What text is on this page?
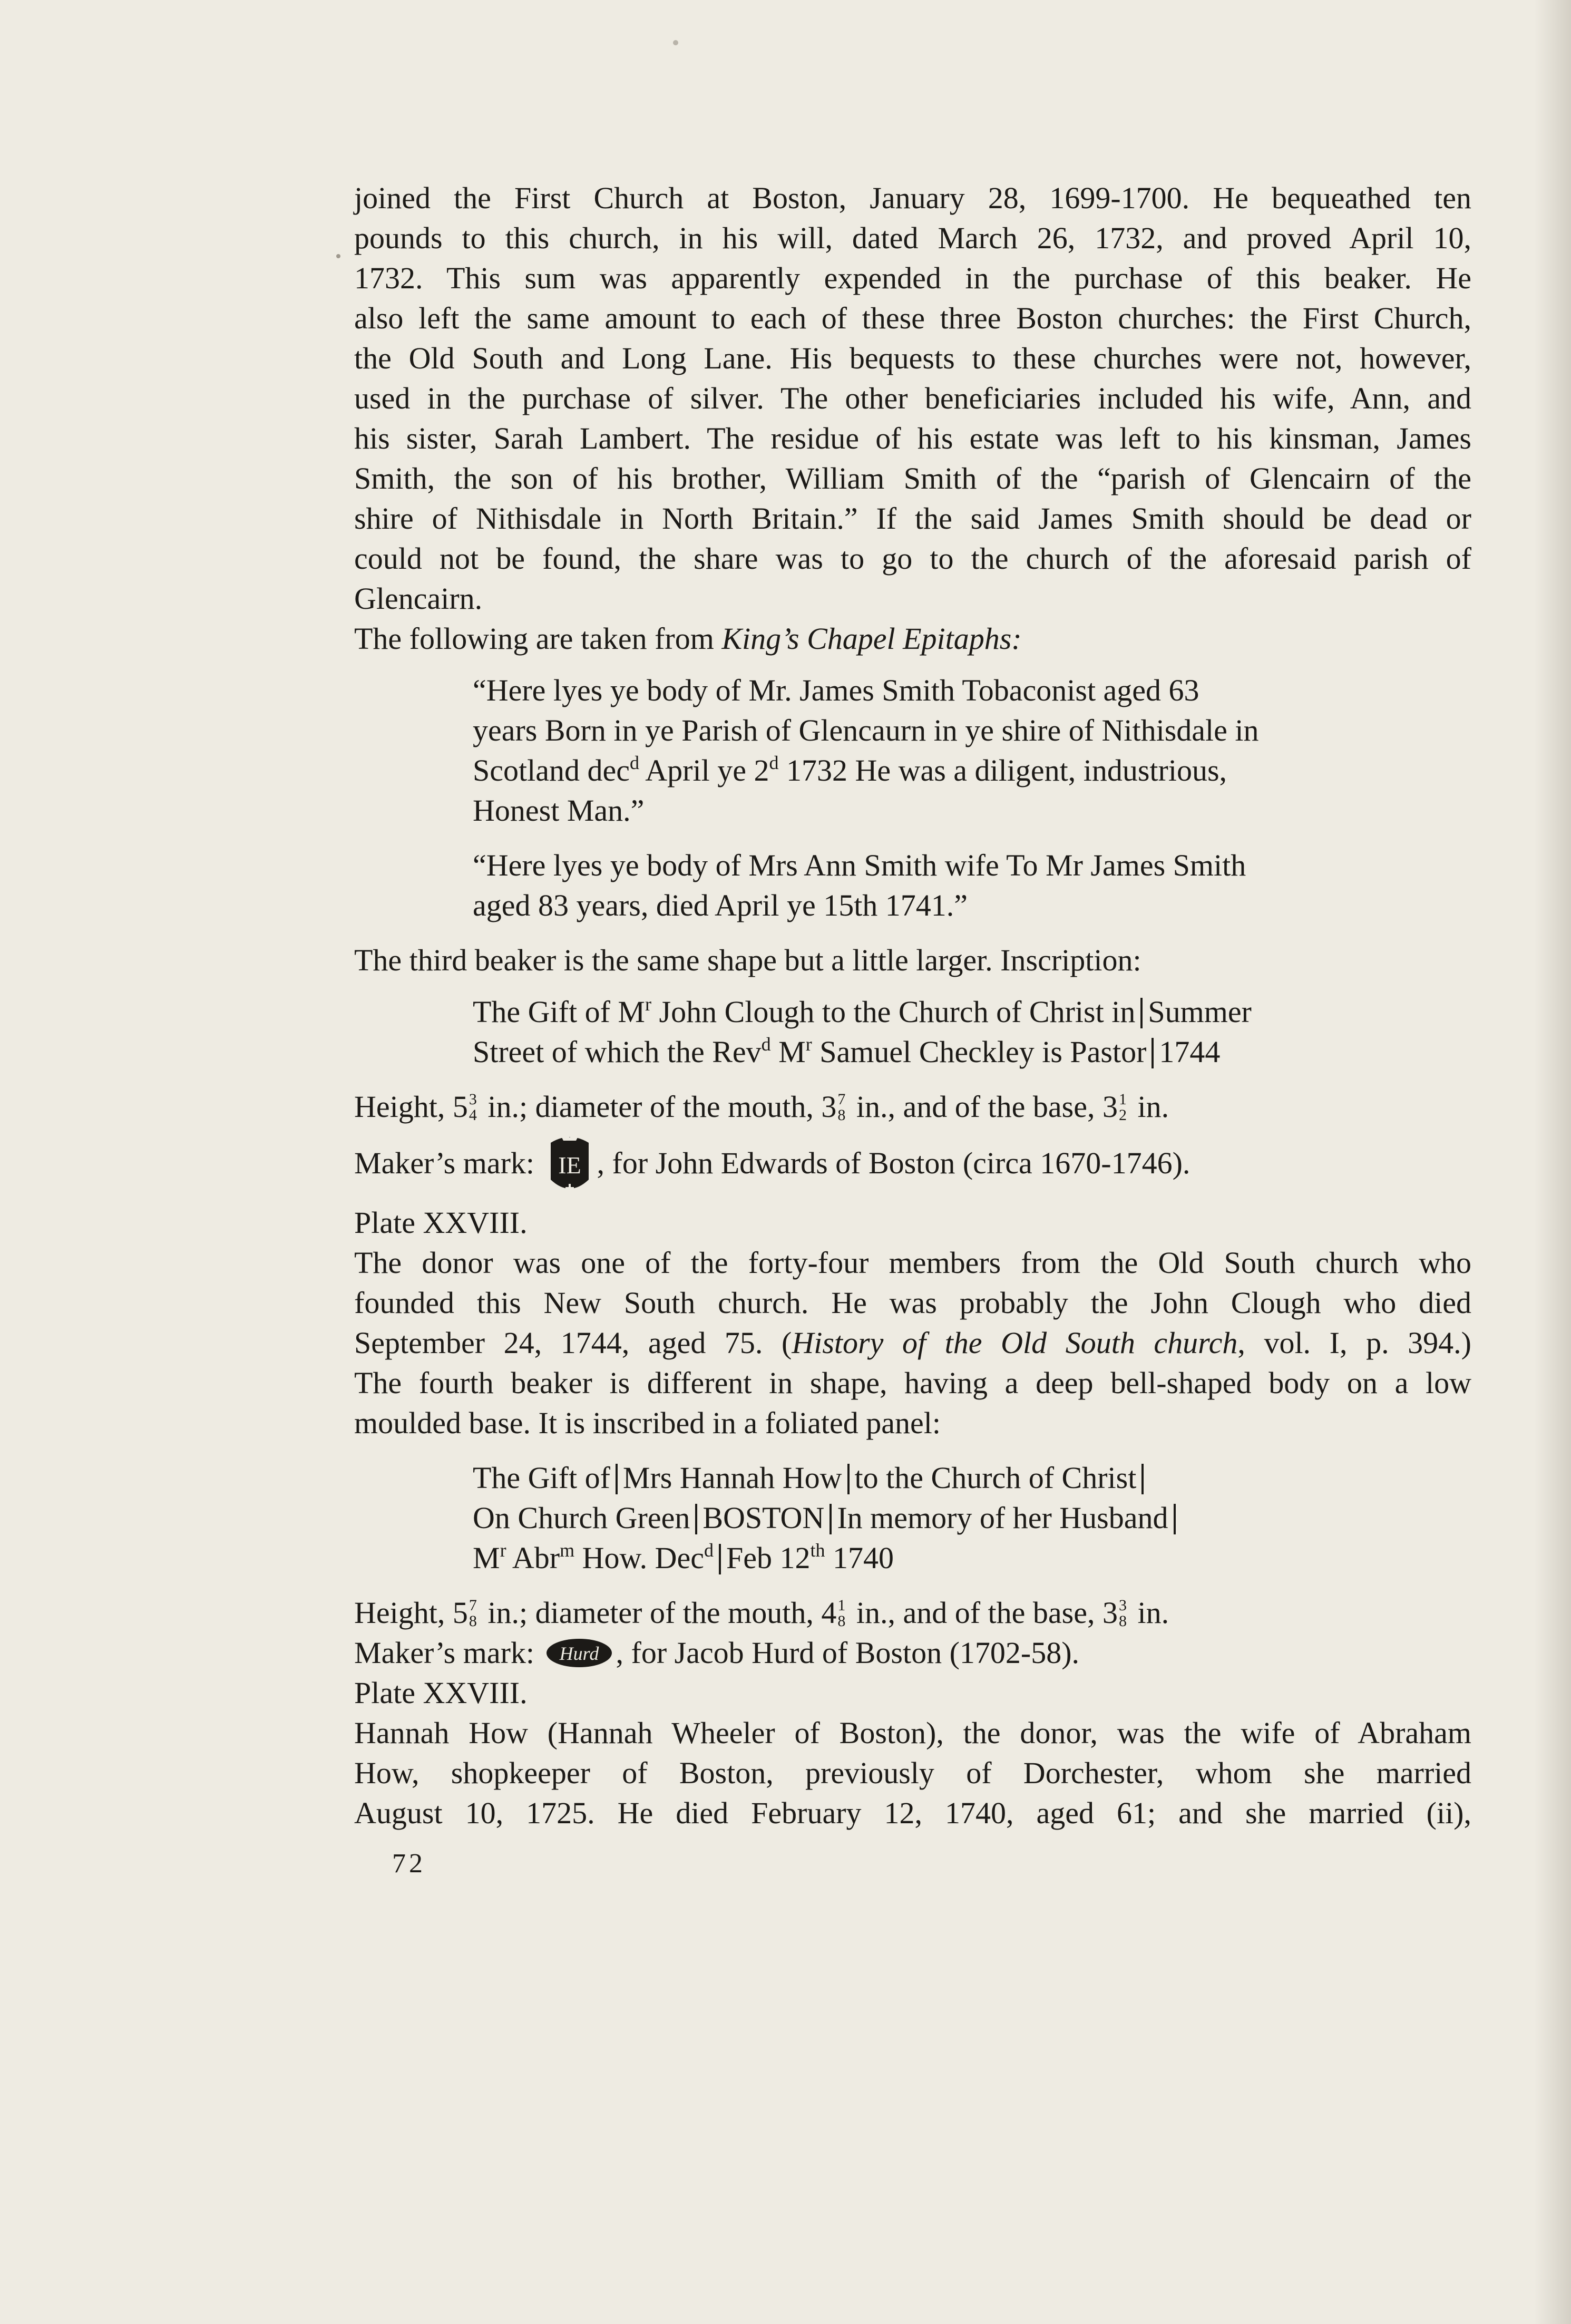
joined the First Church at Boston, January 28, 1699-1700. He bequeathed ten

pounds to this church, in his will, dated March 26, 1732, and proved April 10,

1732. This sum was apparently expended in the purchase of this beaker. He

also left the same amount to each of these three Boston churches: the First Church,

the Old South and Long Lane. His bequests to these churches were not, however,

used in the purchase of silver. The other beneficiaries included his wife, Ann, and

his sister, Sarah Lambert. The residue of his estate was left to his kinsman, James

Smith, the son of his brother, William Smith of the “parish of Glencairn of the

shire of Nithisdale in North Britain.” If the said James Smith should be dead or

could not be found, the share was to go to the church of the aforesaid parish of

Glencairn.

The following are taken from King’s Chapel Epitaphs:

“Here lyes ye body of Mr. James Smith Tobaconist aged 63

years Born in ye Parish of Glencaurn in ye shire of Nithisdale in

Scotland dec$^d$ April ye 2$^d$ 1732 He was a diligent, industrious,

Honest Man.”

“Here lyes ye body of Mrs Ann Smith wife To Mr James Smith

aged 83 years, died April ye 15th 1741.”

The third beaker is the same shape but a little larger. Inscription:

The Gift of $M^r$ John Clough to the Church of Christ in Summer

Street of which the Rev$^d$ $M^r$ Samuel Checkley is Pastor 1744

Height, 53
4 in.; diameter of the mouth, 37
8 in., and of the base, 31
2 in.

Maker’s mark: IE , for John Edwards of Boston (circa 1670-1746).

Plate XXVIII.

The donor was one of the forty-four members from the Old South church who

founded this New South church. He was probably the John Clough who died

September 24, 1744, aged 75. (History of the Old South church, vol. I, p. 394.)

The fourth beaker is different in shape, having a deep bell-shaped body on a low

moulded base. It is inscribed in a foliated panel:

The Gift of Mrs Hannah How to the Church of Christ

On Church Green BOSTON In memory of her Husband

$M^r$ Abr$^m$ How. Dec$^d$ Feb 12th 1740

Height, 57
8 in.; diameter of the mouth, 41
8 in., and of the base, 33
8 in.

Maker’s mark: Hurd , for Jacob Hurd of Boston (1702-58).

Plate XXVIII.

Hannah How (Hannah Wheeler of Boston), the donor, was the wife of Abraham

How, shopkeeper of Boston, previously of Dorchester, whom she married

August 10, 1725. He died February 12, 1740, aged 61; and she married (ii),

72
